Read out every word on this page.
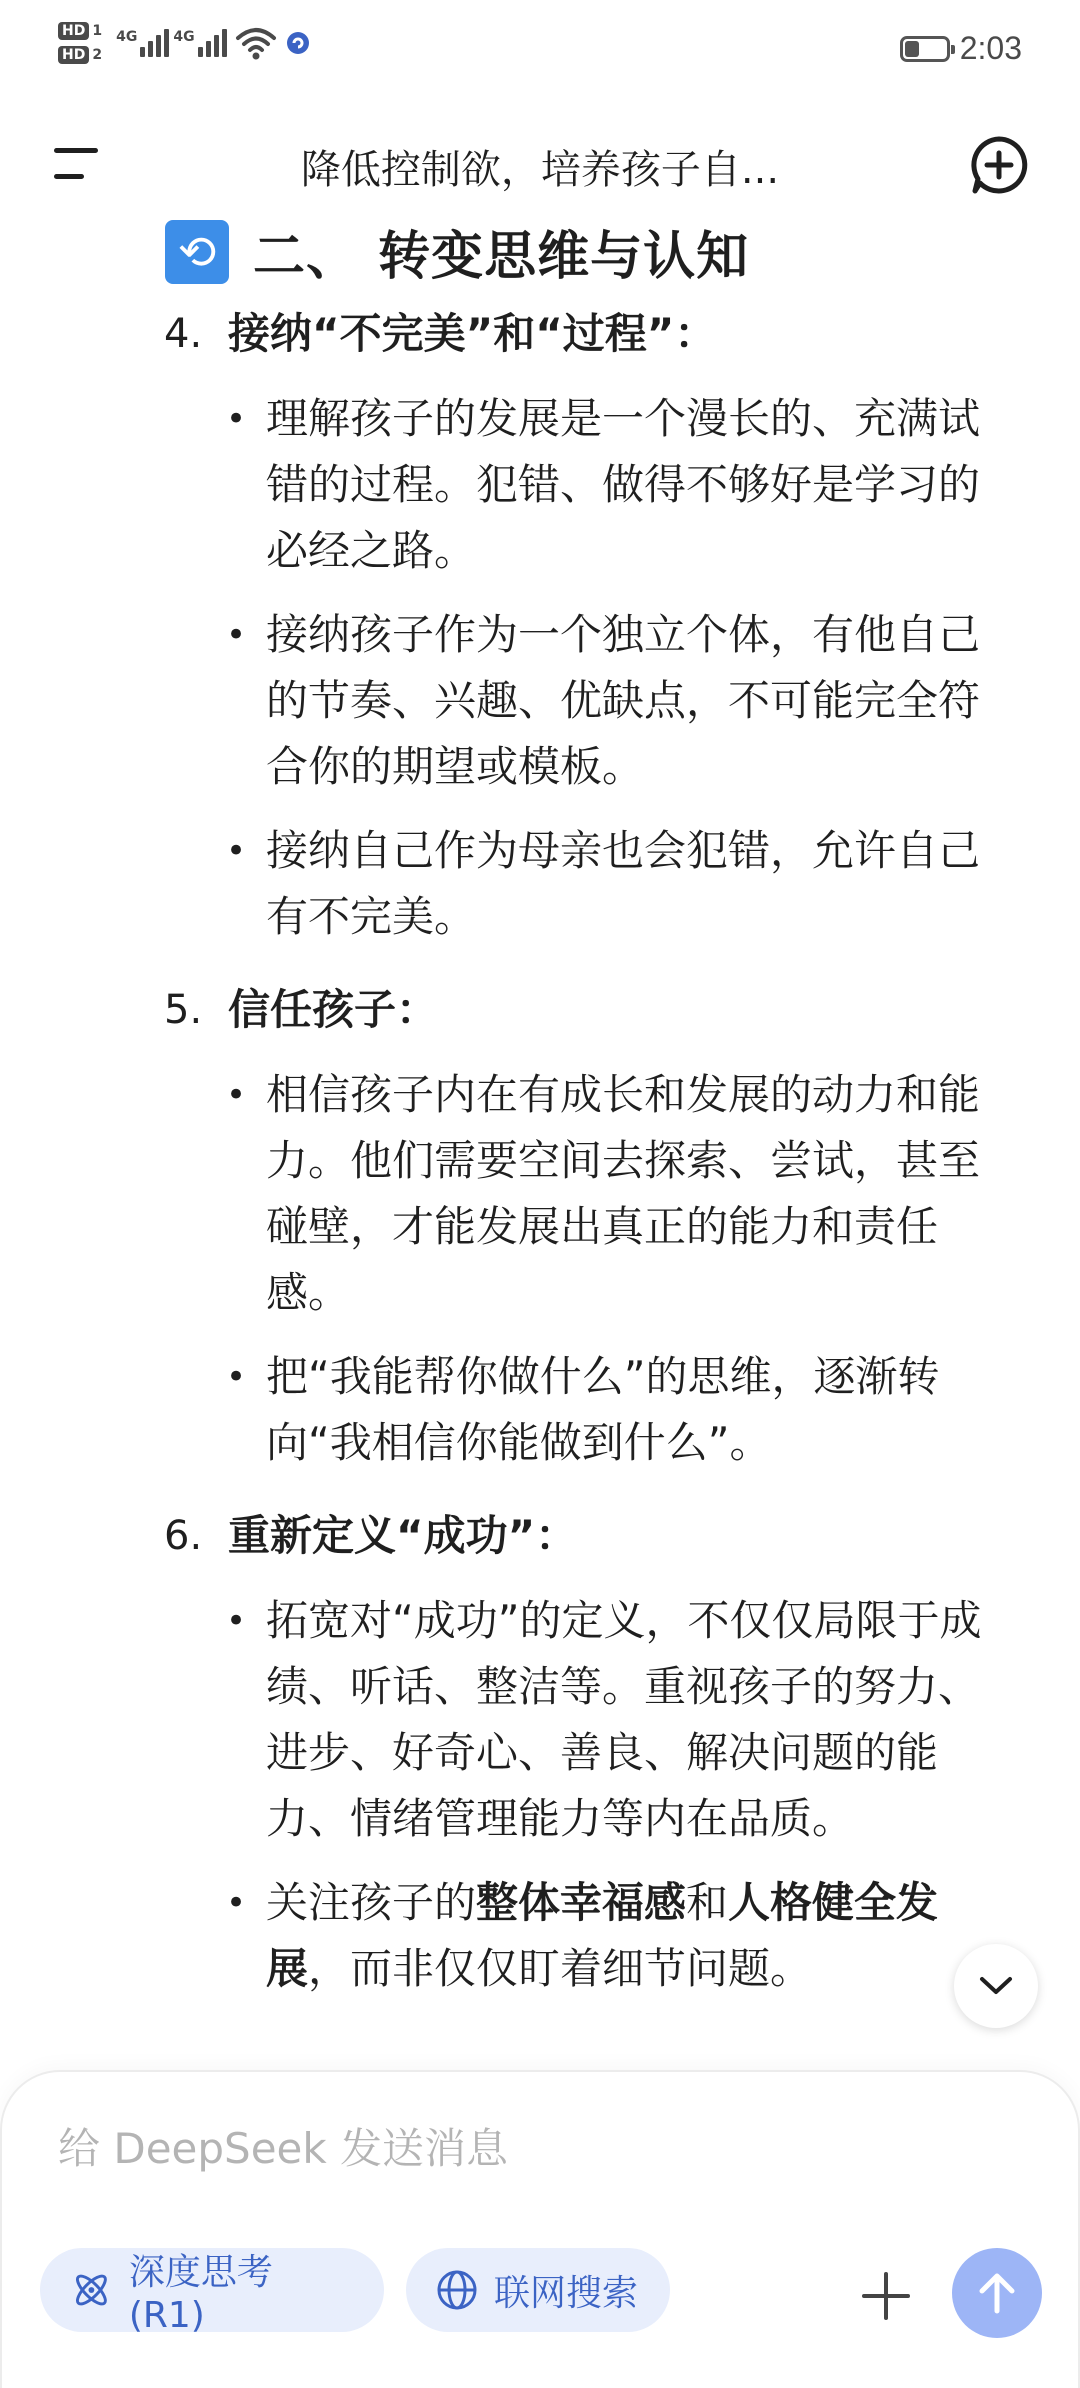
HD 1
HD 2
4G	4G	2:03
降低控制欲，培养孩子自...
⟲ 二、 转变思维与认知
4. 接纳“不完美”和“过程”：
• 理解孩子的发展是一个漫长的、充满试错的过程。犯错、做得不够好是学习的必经之路。
• 接纳孩子作为一个独立个体，有他自己的节奏、兴趣、优缺点，不可能完全符合你的期望或模板。
• 接纳自己作为母亲也会犯错，允许自己有不完美。
5. 信任孩子：
• 相信孩子内在有成长和发展的动力和能力。他们需要空间去探索、尝试，甚至碰壁，才能发展出真正的能力和责任感。
• 把“我能帮你做什么”的思维，逐渐转向“我相信你能做到什么”。
6. 重新定义“成功”：
• 拓宽对“成功”的定义，不仅仅局限于成绩、听话、整洁等。重视孩子的努力、进步、好奇心、善良、解决问题的能力、情绪管理能力等内在品质。
• 关注孩子的整体幸福感和人格健全发展，而非仅仅盯着细节问题。
给 DeepSeek 发送消息
深度思考 (R1)
联网搜索
